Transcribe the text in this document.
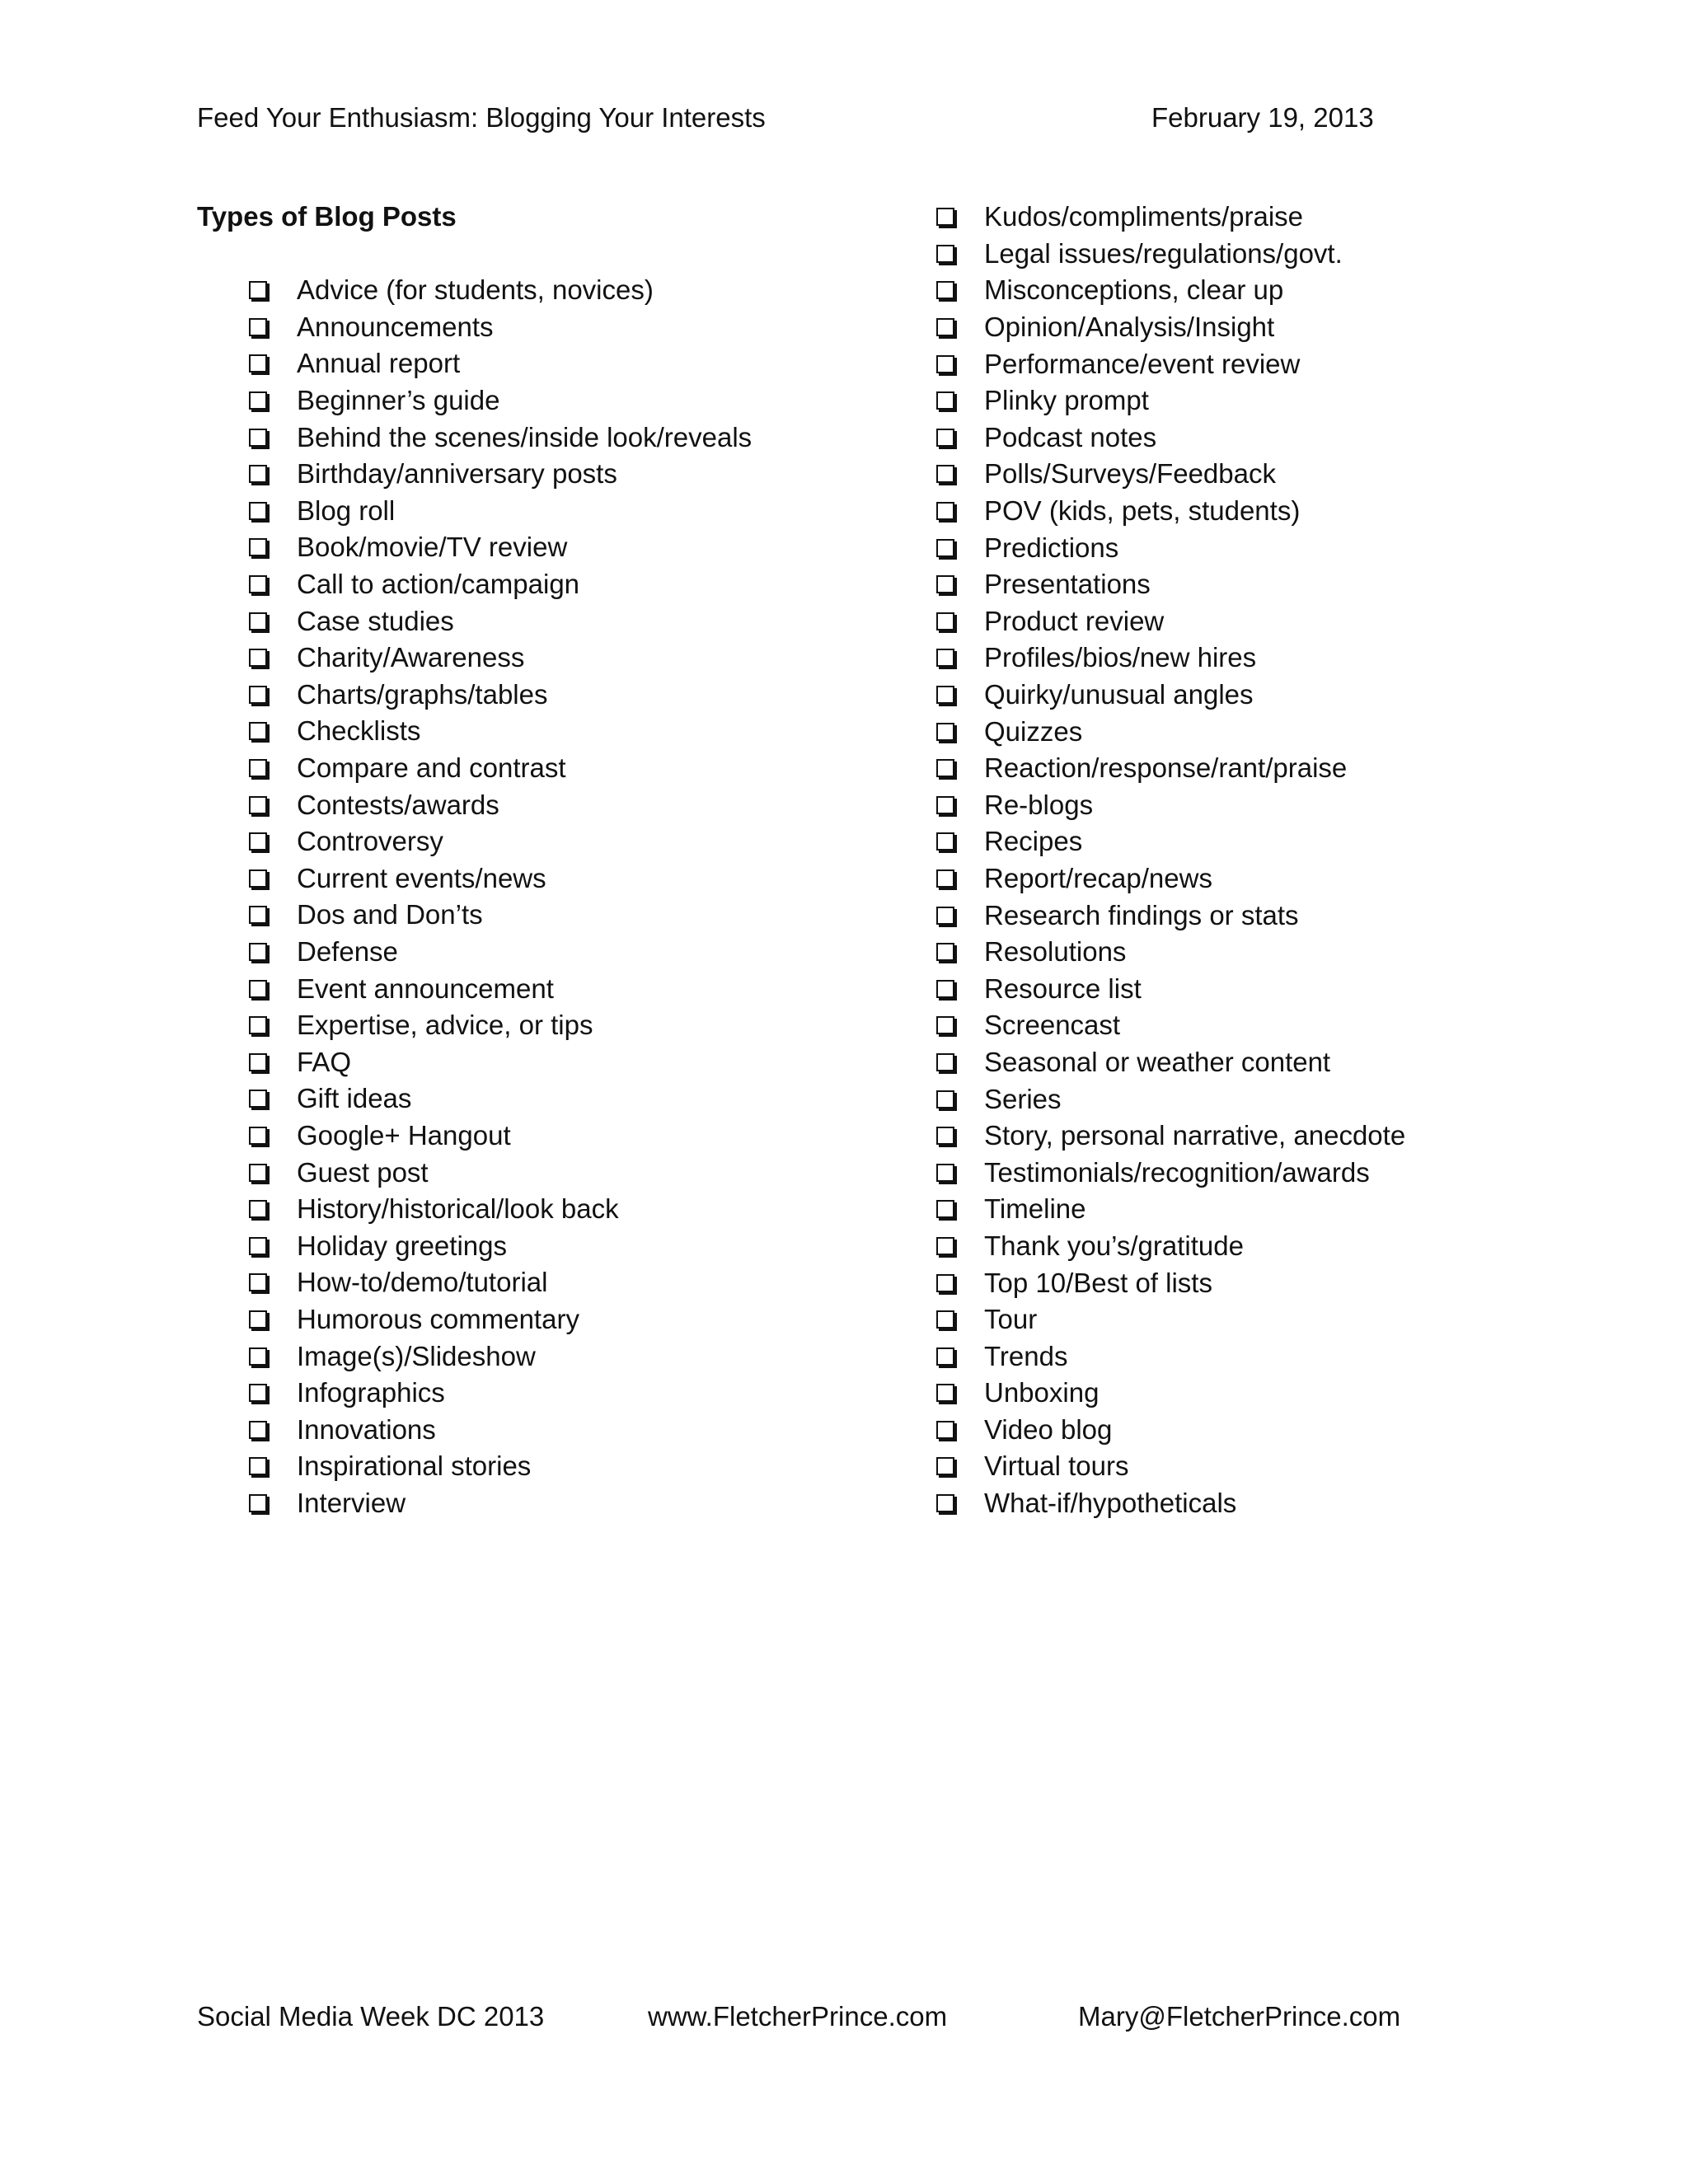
Feed Your Enthusiasm: Blogging Your Interests	February 19, 2013
Types of Blog Posts
Advice (for students, novices)
Announcements
Annual report
Beginner’s guide
Behind the scenes/inside look/reveals
Birthday/anniversary posts
Blog roll
Book/movie/TV review
Call to action/campaign
Case studies
Charity/Awareness
Charts/graphs/tables
Checklists
Compare and contrast
Contests/awards
Controversy
Current events/news
Dos and Don’ts
Defense
Event announcement
Expertise, advice, or tips
FAQ
Gift ideas
Google+ Hangout
Guest post
History/historical/look back
Holiday greetings
How-to/demo/tutorial
Humorous commentary
Image(s)/Slideshow
Infographics
Innovations
Inspirational stories
Interview
Kudos/compliments/praise
Legal issues/regulations/govt.
Misconceptions, clear up
Opinion/Analysis/Insight
Performance/event review
Plinky prompt
Podcast notes
Polls/Surveys/Feedback
POV (kids, pets, students)
Predictions
Presentations
Product review
Profiles/bios/new hires
Quirky/unusual angles
Quizzes
Reaction/response/rant/praise
Re-blogs
Recipes
Report/recap/news
Research findings or stats
Resolutions
Resource list
Screencast
Seasonal or weather content
Series
Story, personal narrative, anecdote
Testimonials/recognition/awards
Timeline
Thank you’s/gratitude
Top 10/Best of lists
Tour
Trends
Unboxing
Video blog
Virtual tours
What-if/hypotheticals
Social Media Week DC 2013	www.FletcherPrince.com	Mary@FletcherPrince.com
